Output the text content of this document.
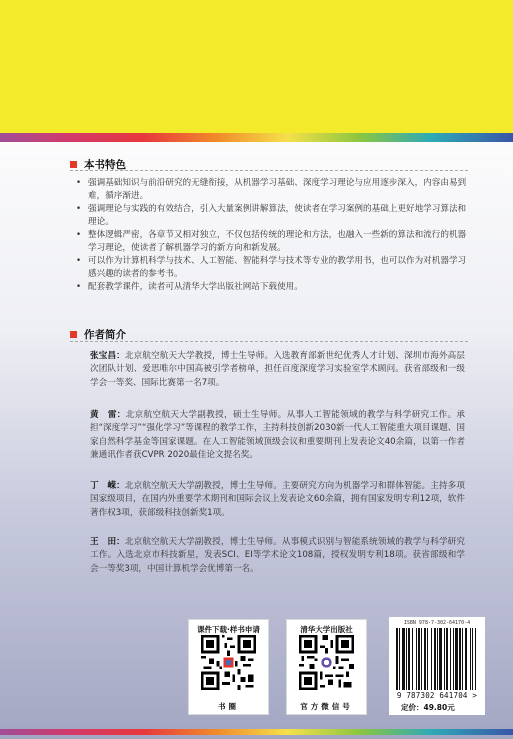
本书特色
• 强调基础知识与前沿研究的无缝衔接，从机器学习基础、深度学习理论与应用逐步深入，内容由易到难，循序渐进。
• 强调理论与实践的有效结合，引入大量案例讲解算法，使读者在学习案例的基础上更好地学习算法和理论。
• 整体逻辑严密，各章节又相对独立，不仅包括传统的理论和方法，也融入一些新的算法和流行的机器学习理论，使读者了解机器学习的新方向和新发展。
• 可以作为计算机科学与技术、人工智能、智能科学与技术等专业的教学用书，也可以作为对机器学习感兴趣的读者的参考书。
• 配套教学课件，读者可从清华大学出版社网站下载使用。
作者简介
张宝昌：北京航空航天大学教授，博士生导师。入选教育部新世纪优秀人才计划、深圳市海外高层次团队计划、爱思唯尔中国高被引学者榜单，担任百度深度学习实验室学术顾问。获省部级和一级学会一等奖、国际比赛第一名7项。
黄　雷：北京航空航天大学副教授，硕士生导师。从事人工智能领域的教学与科学研究工作。承担“深度学习”“强化学习”等课程的教学工作，主持科技创新2030新一代人工智能重大项目课题、国家自然科学基金等国家课题。在人工智能领域顶级会议和重要期刊上发表论文40余篇，以第一作者兼通讯作者获CVPR 2020最佳论文提名奖。
丁　嵘：北京航空航天大学副教授，博士生导师。主要研究方向为机器学习和群体智能。主持多项国家级项目，在国内外重要学术期刊和国际会议上发表论文60余篇，拥有国家发明专利12项，软件著作权3项，获部级科技创新奖1项。
王　田：北京航空航天大学副教授，博士生导师。从事模式识别与智能系统领域的教学与科学研究工作。入选北京市科技新星，发表SCI、EI等学术论文108篇，授权发明专利18项。获省部级和学会一等奖3项，中国计算机学会优博第一名。
课件下载·样书申请
书圈
清华大学出版社
官方微信号
ISBN 978-7-302-64170-4
9 787302 641704 >
定价：49.80元
